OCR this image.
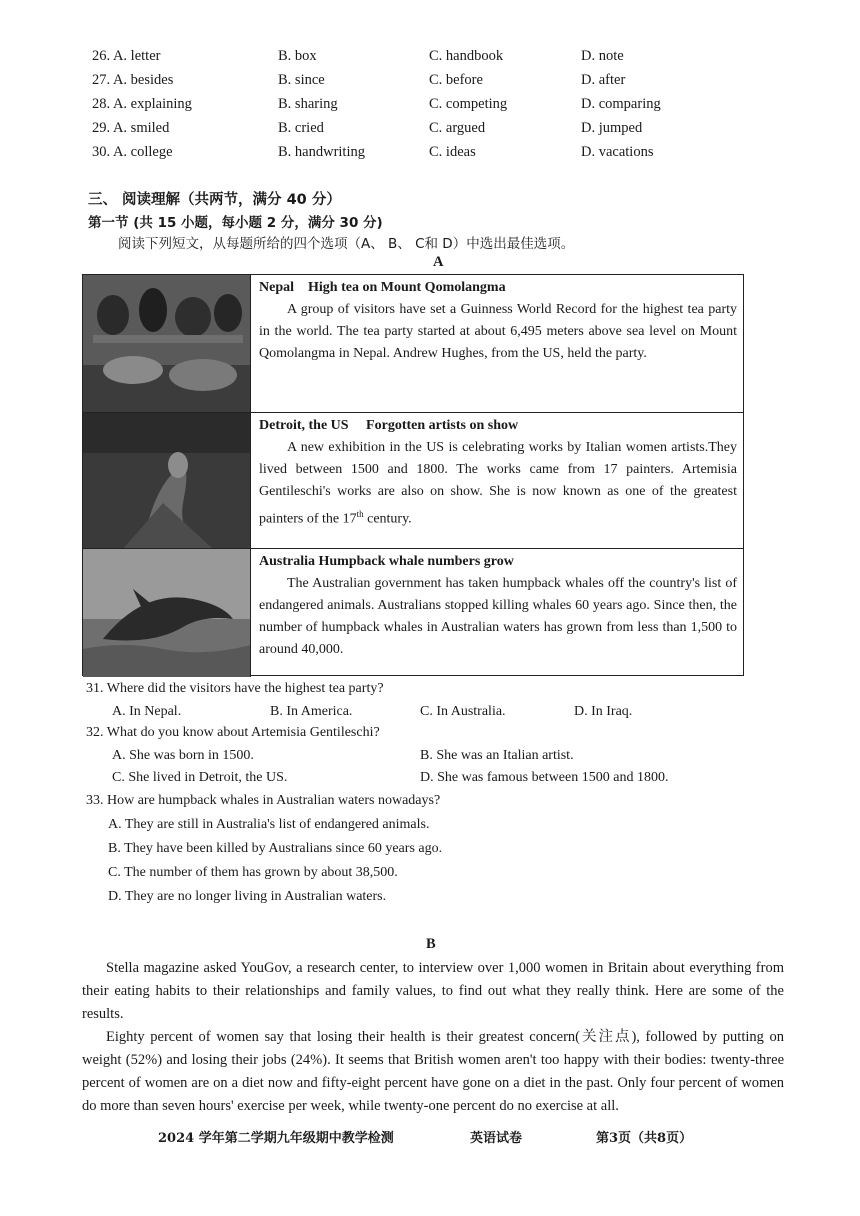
26. A. letter	B. box	C. handbook	D. note
27. A. besides	B. since	C. before	D. after
28. A. explaining	B. sharing	C. competing	D. comparing
29. A. smiled	B. cried	C. argued	D. jumped
30. A. college	B. handwriting	C. ideas	D. vacations
三、 阅读理解（共两节，满分 40 分）
第一节 (共 15 小题，每小题 2 分，满分 30 分)
阅读下列短文，从每题所给的四个选项（A、 B、 C和 D）中选出最佳选项。
A
Nepal    High tea on Mount Qomolangma
A group of visitors have set a Guinness World Record for the highest tea party in the world. The tea party started at about 6,495 meters above sea level on Mount Qomolangma in Nepal. Andrew Hughes, from the US, held the party.
Detroit, the US     Forgotten artists on show
A new exhibition in the US is celebrating works by Italian women artists.They lived between 1500 and 1800. The works came from 17 painters. Artemisia Gentileschi's works are also on show. She is now known as one of the greatest painters of the 17th century.
Australia Humpback whale numbers grow
The Australian government has taken humpback whales off the country's list of endangered animals. Australians stopped killing whales 60 years ago. Since then, the number of humpback whales in Australian waters has grown from less than 1,500 to around 40,000.
31. Where did the visitors have the highest tea party?
A. In Nepal.	B. In America.	C. In Australia.	D. In Iraq.
32. What do you know about Artemisia Gentileschi?
A. She was born in 1500.	B. She was an Italian artist.
C. She lived in Detroit, the US.	D. She was famous between 1500 and 1800.
33. How are humpback whales in Australian waters nowadays?
A. They are still in Australia's list of endangered animals.
B. They have been killed by Australians since 60 years ago.
C. The number of them has grown by about 38,500.
D. They are no longer living in Australian waters.
B

Stella magazine asked YouGov, a research center, to interview over 1,000 women in Britain about everything from their eating habits to their relationships and family values, to find out what they really think. Here are some of the results.

Eighty percent of women say that losing their health is their greatest concern(关注点), followed by putting on weight (52%) and losing their jobs (24%). It seems that British women aren't too happy with their bodies: twenty-three percent of women are on a diet now and fifty-eight percent have gone on a diet in the past. Only four percent of women do more than seven hours' exercise per week, while twenty-one percent do no exercise at all.

2024 学年第二学期九年级期中教学检测	英语试卷	第3页（共8页）
